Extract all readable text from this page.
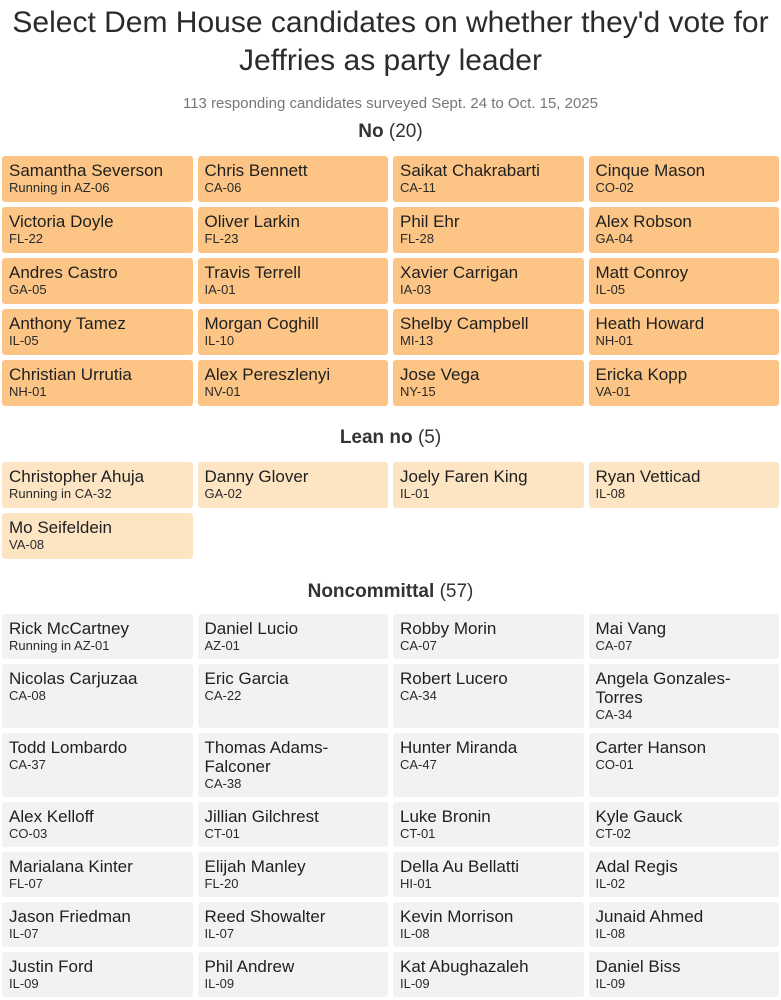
Select Dem House candidates on whether they'd vote for Jeffries as party leader
113 responding candidates surveyed Sept. 24 to Oct. 15, 2025
No (20)
Samantha Severson
Running in AZ-06
Chris Bennett
CA-06
Saikat Chakrabarti
CA-11
Cinque Mason
CO-02
Victoria Doyle
FL-22
Oliver Larkin
FL-23
Phil Ehr
FL-28
Alex Robson
GA-04
Andres Castro
GA-05
Travis Terrell
IA-01
Xavier Carrigan
IA-03
Matt Conroy
IL-05
Anthony Tamez
IL-05
Morgan Coghill
IL-10
Shelby Campbell
MI-13
Heath Howard
NH-01
Christian Urrutia
NH-01
Alex Pereszlenyi
NV-01
Jose Vega
NY-15
Ericka Kopp
VA-01
Lean no (5)
Christopher Ahuja
Running in CA-32
Danny Glover
GA-02
Joely Faren King
IL-01
Ryan Vetticad
IL-08
Mo Seifeldein
VA-08
Noncommittal (57)
Rick McCartney
Running in AZ-01
Daniel Lucio
AZ-01
Robby Morin
CA-07
Mai Vang
CA-07
Nicolas Carjuzaa
CA-08
Eric Garcia
CA-22
Robert Lucero
CA-34
Angela Gonzales-Torres
CA-34
Todd Lombardo
CA-37
Thomas Adams-Falconer
CA-38
Hunter Miranda
CA-47
Carter Hanson
CO-01
Alex Kelloff
CO-03
Jillian Gilchrest
CT-01
Luke Bronin
CT-01
Kyle Gauck
CT-02
Marialana Kinter
FL-07
Elijah Manley
FL-20
Della Au Bellatti
HI-01
Adal Regis
IL-02
Jason Friedman
IL-07
Reed Showalter
IL-07
Kevin Morrison
IL-08
Junaid Ahmed
IL-08
Justin Ford
IL-09
Phil Andrew
IL-09
Kat Abughazaleh
IL-09
Daniel Biss
IL-09
